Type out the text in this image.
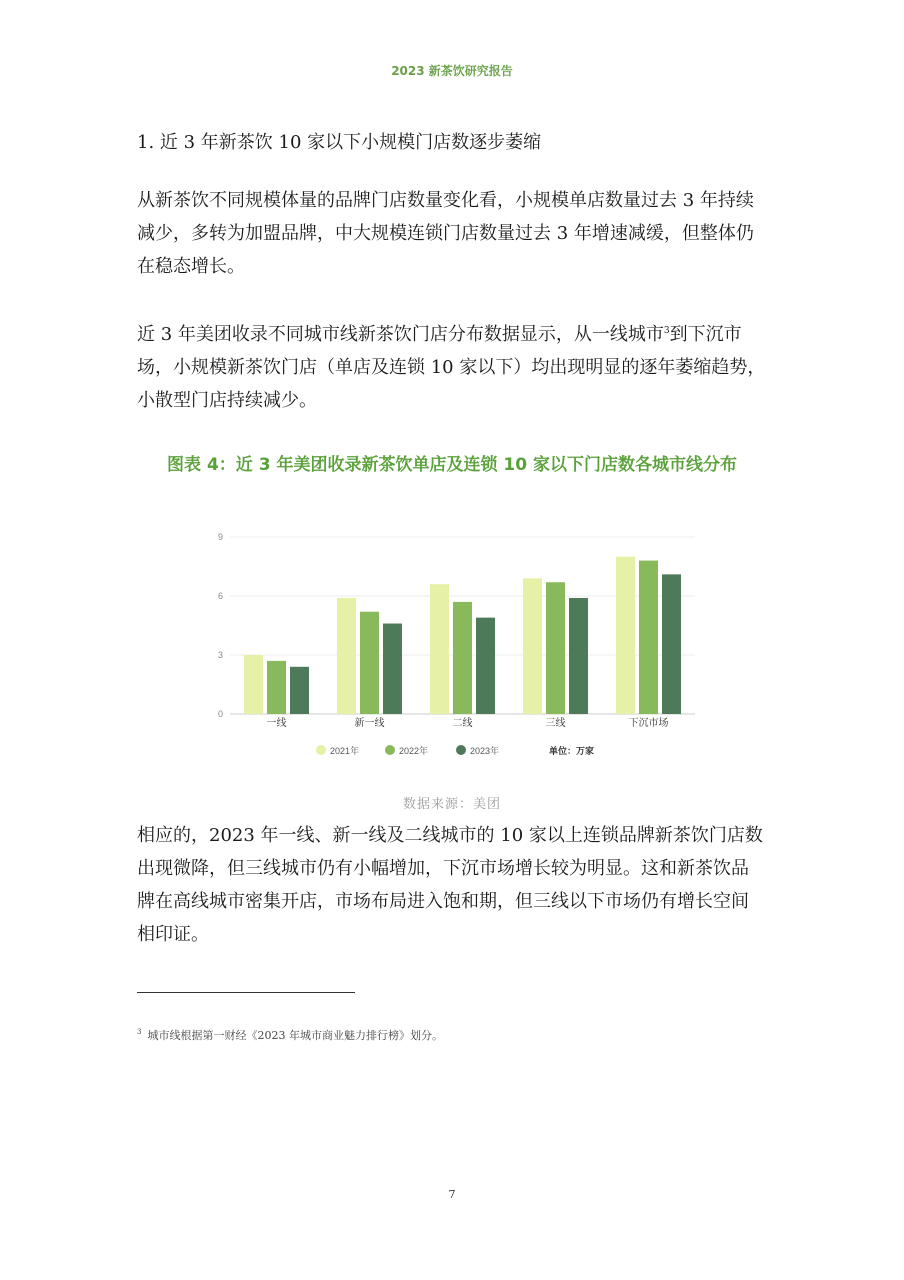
2023 新茶饮研究报告
1. 近 3 年新茶饮 10 家以下小规模门店数逐步萎缩
从新茶饮不同规模体量的品牌门店数量变化看，小规模单店数量过去 3 年持续
减少，多转为加盟品牌，中大规模连锁门店数量过去 3 年增速减缓，但整体仍
在稳态增长。
近 3 年美团收录不同城市线新茶饮门店分布数据显示，从一线城市$^3$到下沉市
场，小规模新茶饮门店（单店及连锁 10 家以下）均出现明显的逐年萎缩趋势，
小散型门店持续减少。
图表 4：近 3 年美团收录新茶饮单店及连锁 10 家以下门店数各城市线分布
0
3
6
9
一线	新一线	二线	三线	下沉市场
2021年	2022年	2023年	单位：万家
数据来源：美团
相应的，2023 年一线、新一线及二线城市的 10 家以上连锁品牌新茶饮门店数
出现微降，但三线城市仍有小幅增加，下沉市场增长较为明显。这和新茶饮品
牌在高线城市密集开店，市场布局进入饱和期，但三线以下市场仍有增长空间
相印证。
$^3$ 城市线根据第一财经《2023 年城市商业魅力排行榜》划分。
7
